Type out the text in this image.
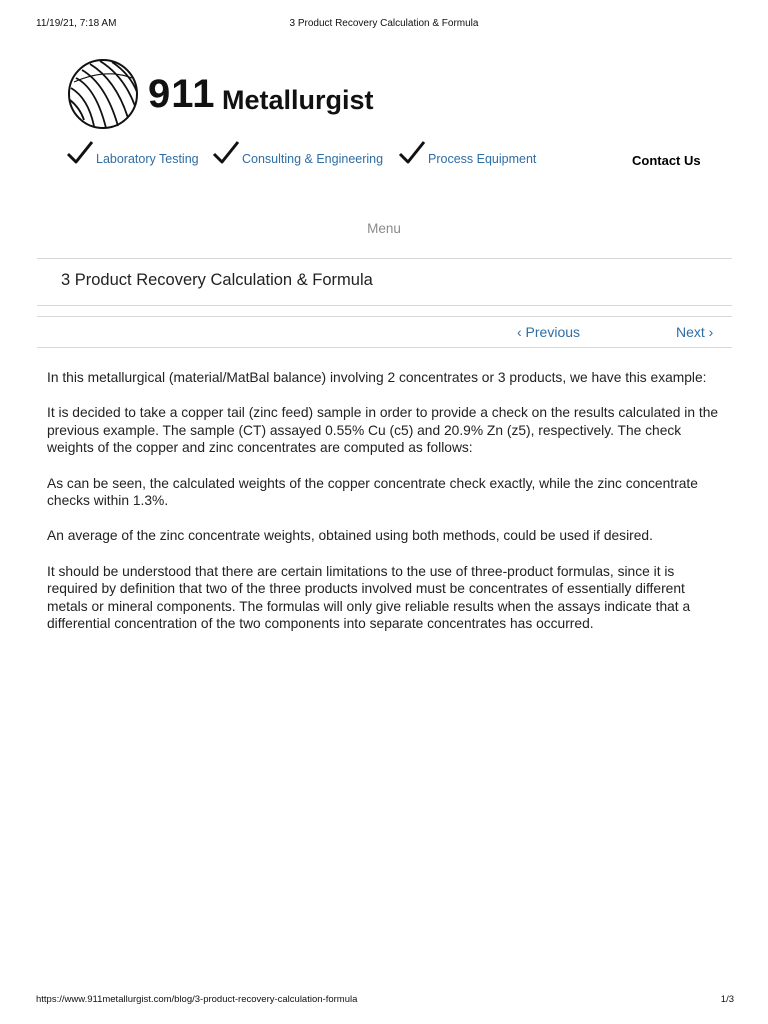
11/19/21, 7:18 AM	3 Product Recovery Calculation & Formula
911 Metallurgist
Laboratory Testing	Consulting & Engineering	Process Equipment	Contact Us
Menu
3 Product Recovery Calculation & Formula
‹ Previous	Next ›

In this metallurgical (material/MatBal balance) involving 2 concentrates or 3 products, we have this example:

It is decided to take a copper tail (zinc feed) sample in order to provide a check on the results calculated in the previous example. The sample (CT) assayed 0.55% Cu (c5) and 20.9% Zn (z5), respectively. The check weights of the copper and zinc concentrates are computed as follows:

As can be seen, the calculated weights of the copper concentrate check exactly, while the zinc concentrate checks within 1.3%.

An average of the zinc concentrate weights, obtained using both methods, could be used if desired.

It should be understood that there are certain limitations to the use of three-product formulas, since it is required by definition that two of the three products involved must be concentrates of essentially different metals or mineral components. The formulas will only give reliable results when the assays indicate that a differential concentration of the two components into separate concentrates has occurred.

https://www.911metallurgist.com/blog/3-product-recovery-calculation-formula	1/3
